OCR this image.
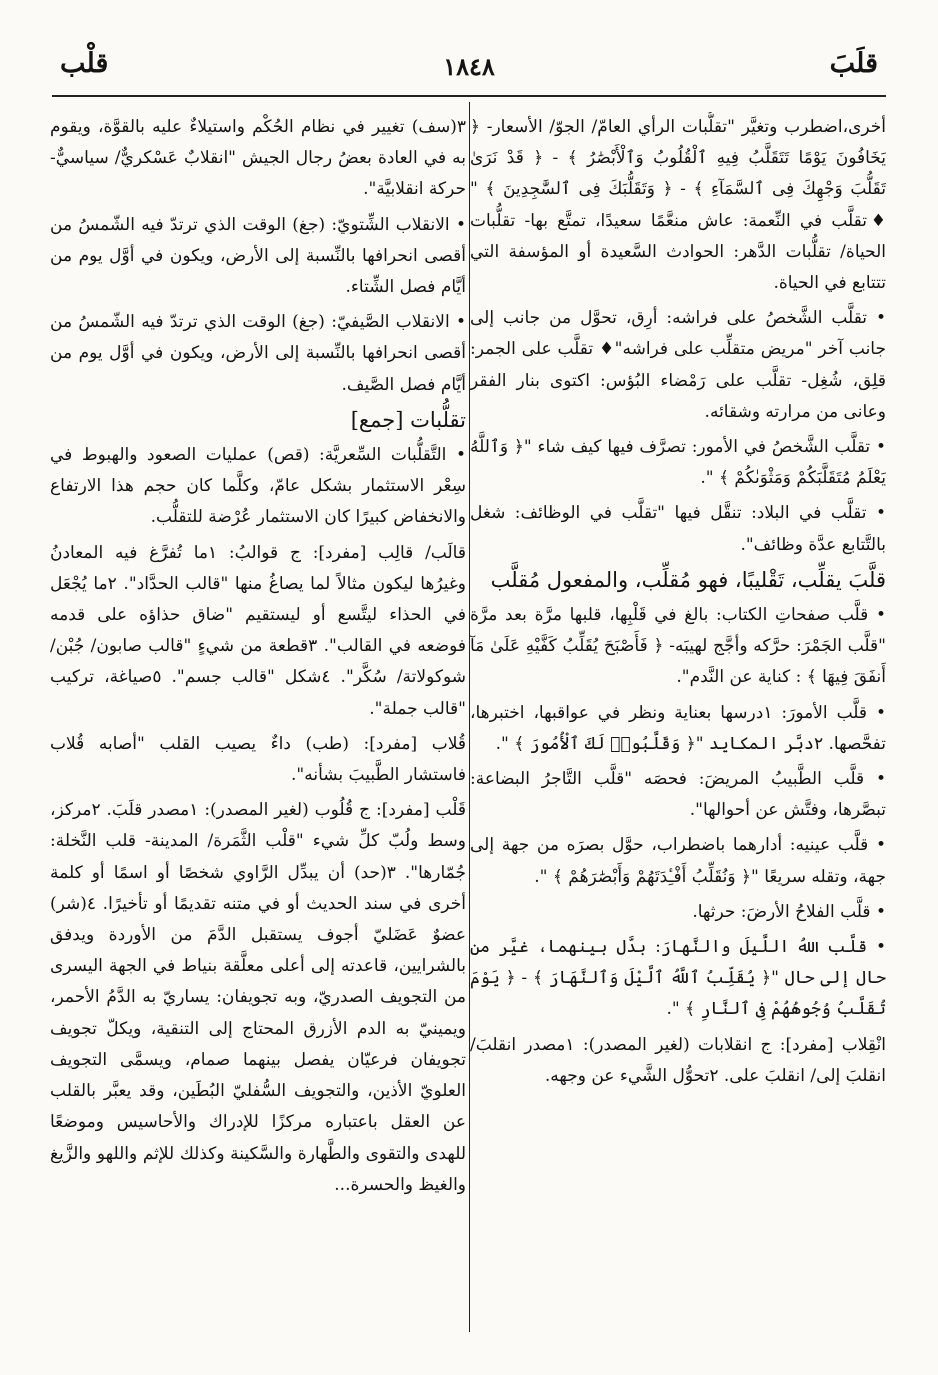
قلَبَ
١٨٤٨
قلْب

أخرى،اضطرب وتغيَّر "تقلُّبات الرأي العامّ/ الجوّ/ الأسعار- ﴿ يَخَافُونَ يَوْمًا تَتَقَلَّبُ فِيهِ ٱلْقُلُوبُ وَٱلْأَبْصَٰرُ ﴾ - ﴿ قَدْ نَرَىٰ تَقَلُّبَ وَجْهِكَ فِى ٱلسَّمَآءِ ﴾ - ﴿ وَتَقَلُّبَكَ فِى ٱلسَّٰجِدِينَ ﴾ " ♦تقلَّب في النِّعمة: عاش منعَّمًا سعيدًا، تمتَّع بها- تقلُّبات الحياة/ تقلُّبات الدَّهر: الحوادث السَّعيدة أو المؤسفة التي تتتابع في الحياة.

• تقلَّب الشَّخصُ على فراشه: أرِق، تحوَّل من جانب إلى جانب آخر "مريض متقلِّب على فراشه"♦ تقلَّب على الجمر: قلِق، شُغِل- تقلَّب على رَمْضاء البُؤس: اكتوى بنار الفقر وعانى من مرارته وشقائه.

• تقلَّب الشَّخصُ في الأمور: تصرَّف فيها كيف شاء "﴿ وَٱللَّهُ يَعْلَمُ مُتَقَلَّبَكُمْ وَمَثْوَىٰكُمْ ﴾ ".

• تقلَّب في البلاد: تنقَّل فيها "تقلَّب في الوظائف: شغل بالتَّتابع عدَّة وظائف".

قلَّبَ يقلِّب، تَقْليبًا، فهو مُقلِّب، والمفعول مُقلَّب

• قلَّب صفحاتِ الكتاب: بالغ في قَلْبِها، قلبها مرَّة بعد مرَّة "قلَّب الجَمْرَ: حرَّكه وأجَّج لهيبَه- ﴿ فَأَصْبَحَ يُقَلِّبُ كَفَّيْهِ عَلَىٰ مَآ أَنفَقَ فِيهَا ﴾ : كناية عن النَّدم".

• قلَّب الأمورَ: ١درسها بعناية ونظر في عواقبها، اختبرها، تفحَّصها. ٢دبَّر المكايد "﴿ وَقَلَّبُوا۟ لَكَ ٱلْأُمُورَ ﴾ ".

• قلَّب الطَّبيبُ المريضَ: فحصَه "قلَّب التَّاجرُ البضاعة: تبصَّرها، وفتَّش عن أحوالها".

• قلَّب عينيه: أدارهما باضطراب، حوَّل بصرَه من جهة إلى جهة، وتقله سريعًا "﴿ وَنُقَلِّبُ أَفْـِٔدَتَهُمْ وَأَبْصَٰرَهُمْ ﴾ ".

• قلَّب الفلاحُ الأرضَ: حرثها.

• قلَّب اللهُ اللَّيلَ والنَّهارَ: بدَّل بينهما، غيَّر من حال إلى حال "﴿ يُقَلِّبُ ٱللَّهُ ٱلَّيْلَ وَٱلنَّهَارَ ﴾ - ﴿ يَوْمَ تُقَلَّبُ وُجُوهُهُمْ فِى ٱلنَّارِ ﴾ ".

انْقِلاب [مفرد]: ج انقلابات (لغير المصدر): ١مصدر انقلبَ/ انقلبَ إلى/ انقلبَ على. ٢تحوُّل الشَّيء عن وجهه.

٣(سف) تغيير في نظام الحُكْم واستيلاءٌ عليه بالقوَّة، ويقوم به في العادة بعضُ رجال الجيش "انقلابٌ عَسْكريٌّ/ سياسيٌّ- حركة انقلابيَّة".

• الانقلاب الشِّتويّ: (جغ) الوقت الذي ترتدّ فيه الشّمسُ من أقصى انحرافها بالنِّسبة إلى الأرض، ويكون في أوَّل يوم من أيَّام فصل الشِّتاء.

• الانقلاب الصَّيفيّ: (جغ) الوقت الذي ترتدّ فيه الشّمسُ من أقصى انحرافها بالنِّسبة إلى الأرض، ويكون في أوَّل يوم من أيَّام فصل الصَّيف.

تقلُّبات [جمع]

• التَّقلُّبات السِّعريَّة: (قص) عمليات الصعود والهبوط في سِعْر الاستثمار بشكل عامّ، وكلَّما كان حجم هذا الارتفاع والانخفاض كبيرًا كان الاستثمار عُرْضة للتقلُّب.

قالَب/ قالِب [مفرد]: ج قوالبُ: ١ما تُفرَّغ فيه المعادنُ وغيرُها ليكون مثالاً لما يصاغُ منها "قالب الحدَّاد". ٢ما يُجْعَل في الحذاء ليتَّسع أو ليستقيم "ضاق حذاؤه على قدمه فوضعه في القالب". ٣قطعة من شيءٍ "قالب صابون/ جُبْن/ شوكولاتة/ سُكَّر". ٤شكل "قالب جسم". ٥صياغة، تركيب "قالب جملة".

قُلاب [مفرد]: (طب) داءٌ يصيب القلب "أصابه قُلاب فاستشار الطَّبيبَ بشأنه".

قَلْب [مفرد]: ج قُلُوب (لغير المصدر): ١مصدر قلَبَ. ٢مركز، وسط ولُبّ كلِّ شيء "قلْب الثَّمَرة/ المدينة- قلب النَّخلة: جُمّارها". ٣(حد) أن يبدِّل الرَّاوي شخصًا أو اسمًا أو كلمة أخرى في سند الحديث أو في متنه تقديمًا أو تأخيرًا. ٤(شر) عضوٌ عَضَليّ أجوف يستقبل الدَّمَ من الأوردة ويدفق بالشرايين، قاعدته إلى أعلى معلَّقة بنياط في الجهة اليسرى من التجويف الصدريّ، وبه تجويفان: يساريّ به الدَّمُ الأحمر، ويمينيّ به الدم الأزرق المحتاج إلى التنقية، ويكلّ تجويف تجويفان فرعيّان يفصل بينهما صمام، ويسمَّى التجويف العلويّ الأذين، والتجويف السُّفليّ البُطَين، وقد يعبَّر بالقلب عن العقل باعتباره مركزًا للإدراك والأحاسيس وموضعًا للهدى والتقوى والطَّهارة والسَّكينة وكذلك للإثم واللهو والزَّيغ والغيظ والحسرة...
